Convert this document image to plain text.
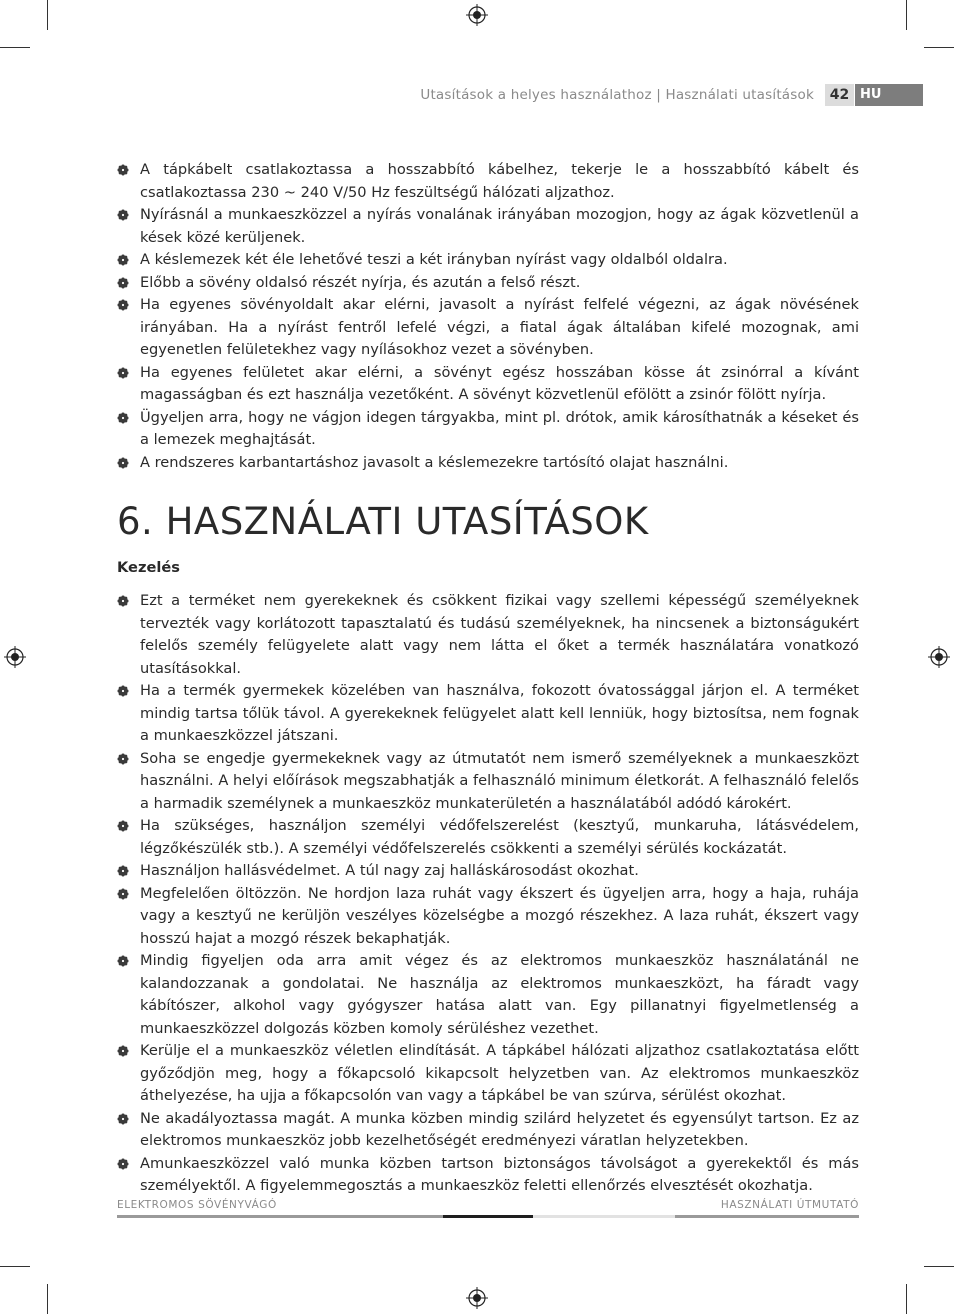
Utasítások a helyes használathoz | Használati utasítások	42 HU
A tápkábelt csatlakoztassa a hosszabbító kábelhez, tekerje le a hosszabbító kábelt és csatlakoztassa 230 ~ 240 V/50 Hz feszültségű hálózati aljzathoz.
Nyírásnál a munkaeszközzel a nyírás vonalának irányában mozogjon, hogy az ágak közvetlenül a kések közé kerüljenek.
A késlemezek két éle lehetővé teszi a két irányban nyírást vagy oldalból oldalra.
Előbb a sövény oldalsó részét nyírja, és azután a felső részt.
Ha egyenes sövényoldalt akar elérni, javasolt a nyírást felfelé végezni, az ágak növésének irányában. Ha a nyírást fentről lefelé végzi, a fiatal ágak általában kifelé mozognak, ami egyenetlen felületekhez vagy nyílásokhoz vezet a sövényben.
Ha egyenes felületet akar elérni, a sövényt egész hosszában kösse át zsinórral a kívánt magasságban és ezt használja vezetőként. A sövényt közvetlenül efölött a zsinór fölött nyírja.
Ügyeljen arra, hogy ne vágjon idegen tárgyakba, mint pl. drótok, amik károsíthatnák a késeket és a lemezek meghajtását.
A rendszeres karbantartáshoz javasolt a késlemezekre tartósító olajat használni.
6. HASZNÁLATI UTASÍTÁSOK
Kezelés
Ezt a terméket nem gyerekeknek és csökkent fizikai vagy szellemi képességű személyeknek tervezték vagy korlátozott tapasztalatú és tudású személyeknek, ha nincsenek a biztonságukért felelős személy felügyelete alatt vagy nem látta el őket a termék használatára vonatkozó utasításokkal.
Ha a termék gyermekek közelében van használva, fokozott óvatossággal járjon el. A terméket mindig tartsa tőlük távol. A gyerekeknek felügyelet alatt kell lenniük, hogy biztosítsa, nem fognak a munkaeszközzel játszani.
Soha se engedje gyermekeknek vagy az útmutatót nem ismerő személyeknek a munkaeszközt használni. A helyi előírások megszabhatják a felhasználó minimum életkorát. A felhasználó felelős a harmadik személynek a munkaeszköz munkaterületén a használatából adódó károkért.
Ha szükséges, használjon személyi védőfelszerelést (kesztyű, munkaruha, látásvédelem, légzőkészülék stb.). A személyi védőfelszerelés csökkenti a személyi sérülés kockázatát.
Használjon hallásvédelmet. A túl nagy zaj halláskárosodást okozhat.
Megfelelően öltözzön. Ne hordjon laza ruhát vagy ékszert és ügyeljen arra, hogy a haja, ruhája vagy a kesztyű ne kerüljön veszélyes közelségbe a mozgó részekhez. A laza ruhát, ékszert vagy hosszú hajat a mozgó részek bekaphatják.
Mindig figyeljen oda arra amit végez és az elektromos munkaeszköz használatánál ne kalandozzanak a gondolatai. Ne használja az elektromos munkaeszközt, ha fáradt vagy kábítószer, alkohol vagy gyógyszer hatása alatt van. Egy pillanatnyi figyelmetlenség a munkaeszközzel dolgozás közben komoly sérüléshez vezethet.
Kerülje el a munkaeszköz véletlen elindítását. A tápkábel hálózati aljzathoz csatlakoztatása előtt győződjön meg, hogy a főkapcsoló kikapcsolt helyzetben van. Az elektromos munkaeszköz áthelyezése, ha ujja a főkapcsolón van vagy a tápkábel be van szúrva, sérülést okozhat.
Ne akadályoztassa magát. A munka közben mindig szilárd helyzetet és egyensúlyt tartson. Ez az elektromos munkaeszköz jobb kezelhetőségét eredményezi váratlan helyzetekben.
Amunkaeszközzel való munka közben tartson biztonságos távolságot a gyerekektől és más személyektől. A figyelemmegosztás a munkaeszköz feletti ellenőrzés elvesztését okozhatja.
ELEKTROMOS SÖVÉNYVÁGÓ	HASZNÁLATI ÚTMUTATÓ
